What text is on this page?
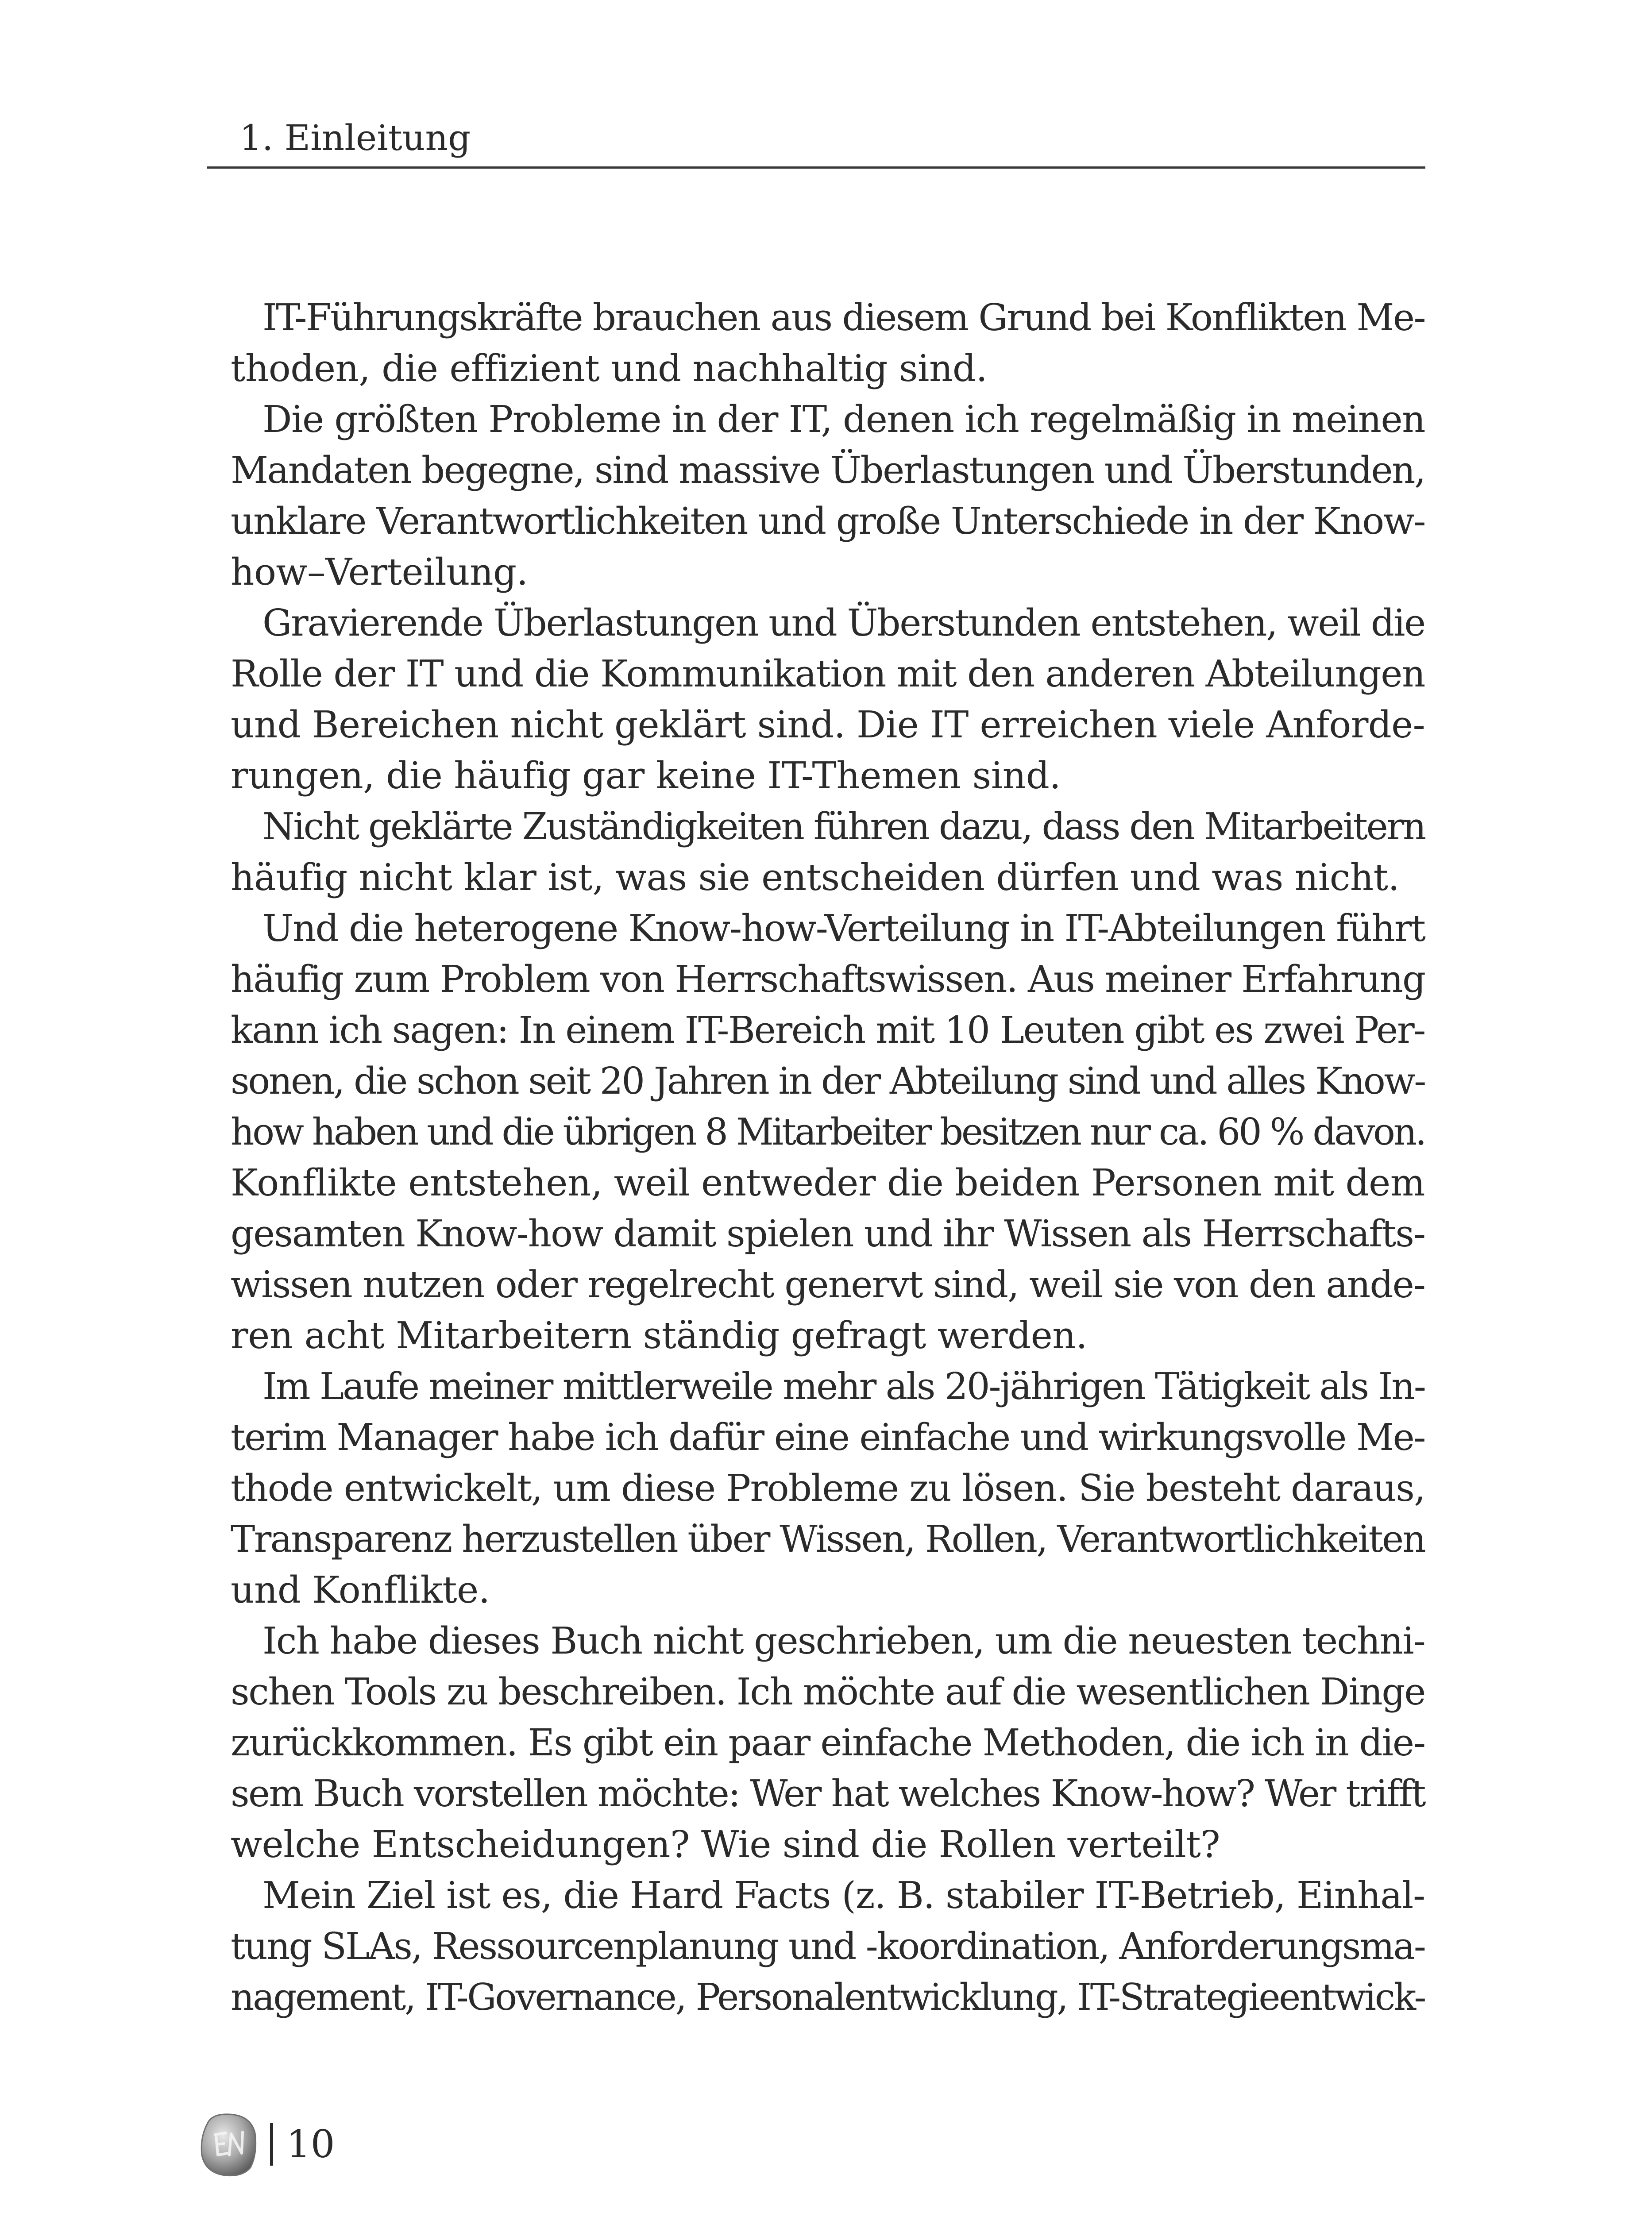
1. Einleitung
IT-Führungskräfte brauchen aus diesem Grund bei Konflikten Me-
thoden, die effizient und nachhaltig sind.
Die größten Probleme in der IT, denen ich regelmäßig in meinen
Mandaten begegne, sind massive Überlastungen und Überstunden,
unklare Verantwortlichkeiten und große Unterschiede in der Know-
how–Verteilung.
Gravierende Überlastungen und Überstunden entstehen, weil die
Rolle der IT und die Kommunikation mit den anderen Abteilungen
und Bereichen nicht geklärt sind. Die IT erreichen viele Anforde-
rungen, die häufig gar keine IT-Themen sind.
Nicht geklärte Zuständigkeiten führen dazu, dass den Mitarbeitern
häufig nicht klar ist, was sie entscheiden dürfen und was nicht.
Und die heterogene Know-how-Verteilung in IT-Abteilungen führt
häufig zum Problem von Herrschaftswissen. Aus meiner Erfahrung
kann ich sagen: In einem IT-Bereich mit 10 Leuten gibt es zwei Per-
sonen, die schon seit 20 Jahren in der Abteilung sind und alles Know-
how haben und die übrigen 8 Mitarbeiter besitzen nur ca. 60 % davon.
Konflikte entstehen, weil entweder die beiden Personen mit dem
gesamten Know-how damit spielen und ihr Wissen als Herrschafts-
wissen nutzen oder regelrecht genervt sind, weil sie von den ande-
ren acht Mitarbeitern ständig gefragt werden.
Im Laufe meiner mittlerweile mehr als 20-jährigen Tätigkeit als In-
terim Manager habe ich dafür eine einfache und wirkungsvolle Me-
thode entwickelt, um diese Probleme zu lösen. Sie besteht daraus,
Transparenz herzustellen über Wissen, Rollen, Verantwortlichkeiten
und Konflikte.
Ich habe dieses Buch nicht geschrieben, um die neuesten techni-
schen Tools zu beschreiben. Ich möchte auf die wesentlichen Dinge
zurückkommen. Es gibt ein paar einfache Methoden, die ich in die-
sem Buch vorstellen möchte: Wer hat welches Know-how? Wer trifft
welche Entscheidungen? Wie sind die Rollen verteilt?
Mein Ziel ist es, die Hard Facts (z. B. stabiler IT-Betrieb, Einhal-
tung SLAs, Ressourcenplanung und -koordination, Anforderungsma-
nagement, IT-Governance, Personalentwicklung, IT-Strategieentwick-
10
